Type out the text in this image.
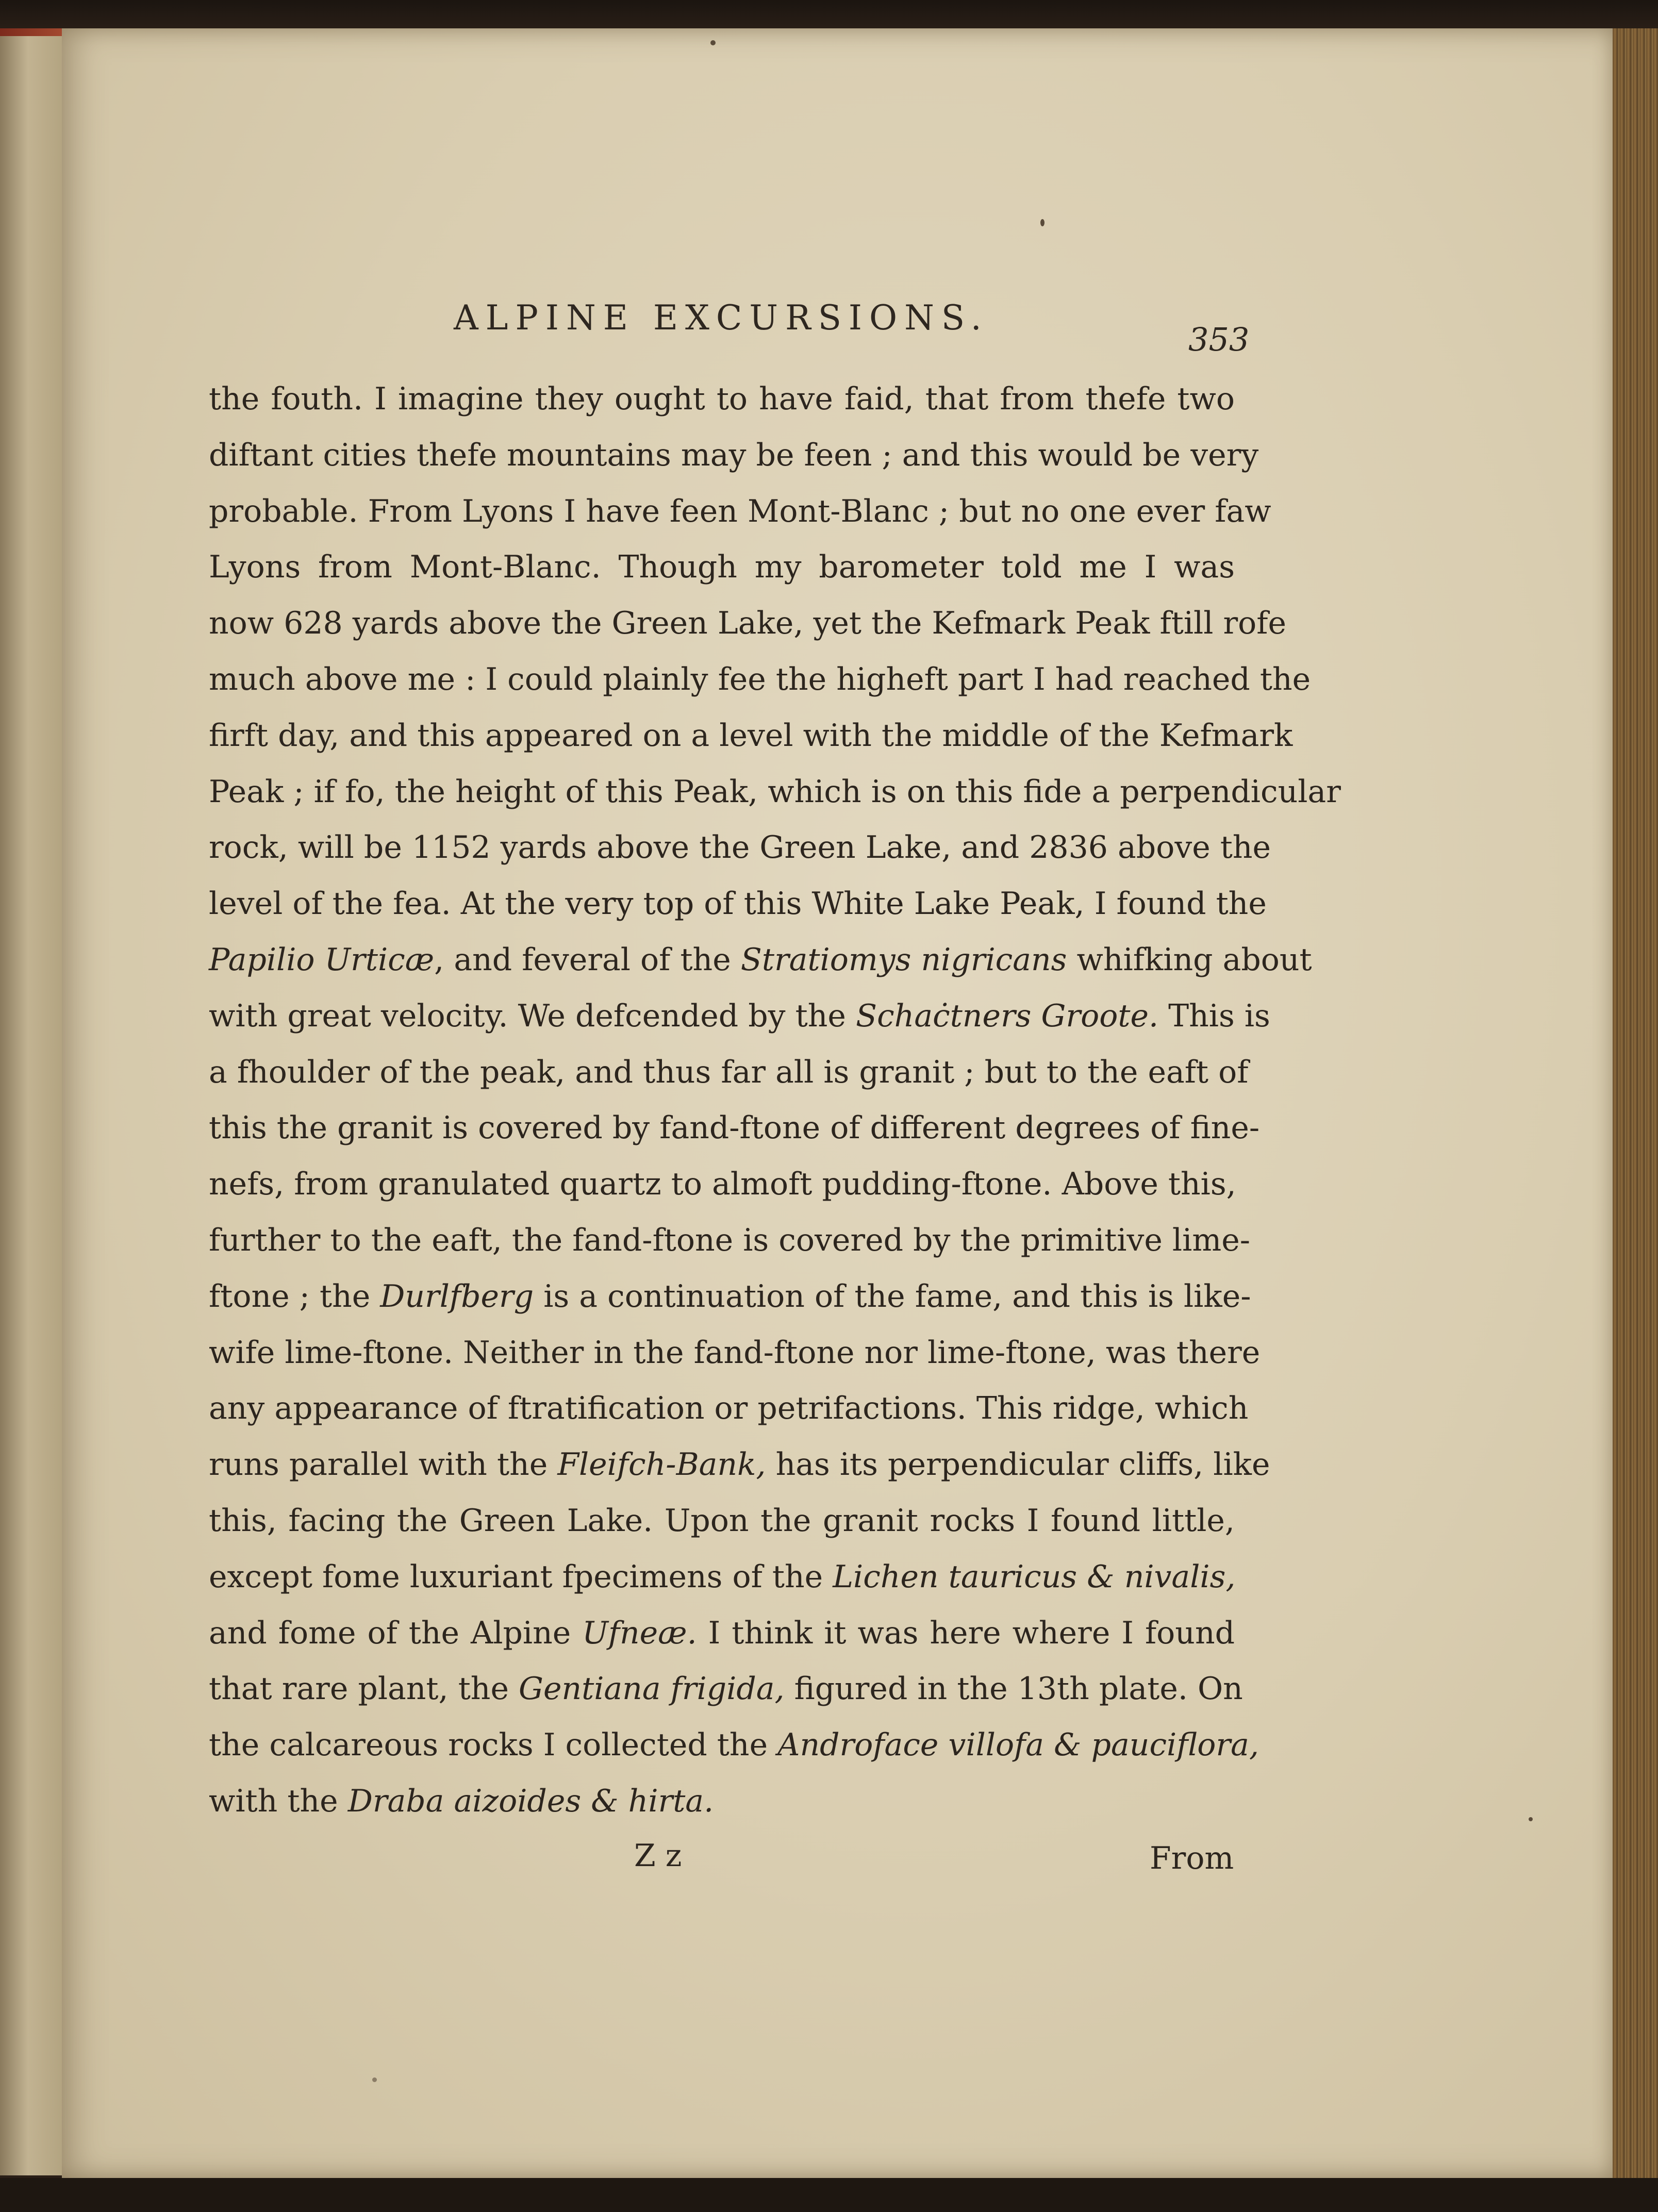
ALPINE EXCURSIONS.
353
the fouth. I imagine they ought to have faid, that from thefe two
diftant cities thefe mountains may be feen ; and this would be very
probable. From Lyons I have feen Mont-Blanc ; but no one ever faw
Lyons from Mont-Blanc. Though my barometer told me I was
now 628 yards above the Green Lake, yet the Kefmark Peak ftill rofe
much above me : I could plainly fee the higheft part I had reached the
firft day, and this appeared on a level with the middle of the Kefmark
Peak ; if fo, the height of this Peak, which is on this fide a perpendicular
rock, will be 1152 yards above the Green Lake, and 2836 above the
level of the fea. At the very top of this White Lake Peak, I found the
Papilio Urticæ, and feveral of the Stratiomys nigricans whifking about
with great velocity. We defcended by the Schaċtners Groote. This is
a fhoulder of the peak, and thus far all is granit ; but to the eaft of
this the granit is covered by fand-ftone of different degrees of fine-
nefs, from granulated quartz to almoft pudding-ftone. Above this,
further to the eaft, the fand-ftone is covered by the primitive lime-
ftone ; the Durlfberg is a continuation of the fame, and this is like-
wife lime-ftone. Neither in the fand-ftone nor lime-ftone, was there
any appearance of ftratification or petrifactions. This ridge, which
runs parallel with the Fleifch-Bank, has its perpendicular cliffs, like
this, facing the Green Lake. Upon the granit rocks I found little,
except fome luxuriant fpecimens of the Lichen tauricus & nivalis,
and fome of the Alpine Ufneæ. I think it was here where I found
that rare plant, the Gentiana frigida, figured in the 13th plate. On
the calcareous rocks I collected the Androface villofa & pauciflora,
with the Draba aizoides & hirta.
Z z	From
